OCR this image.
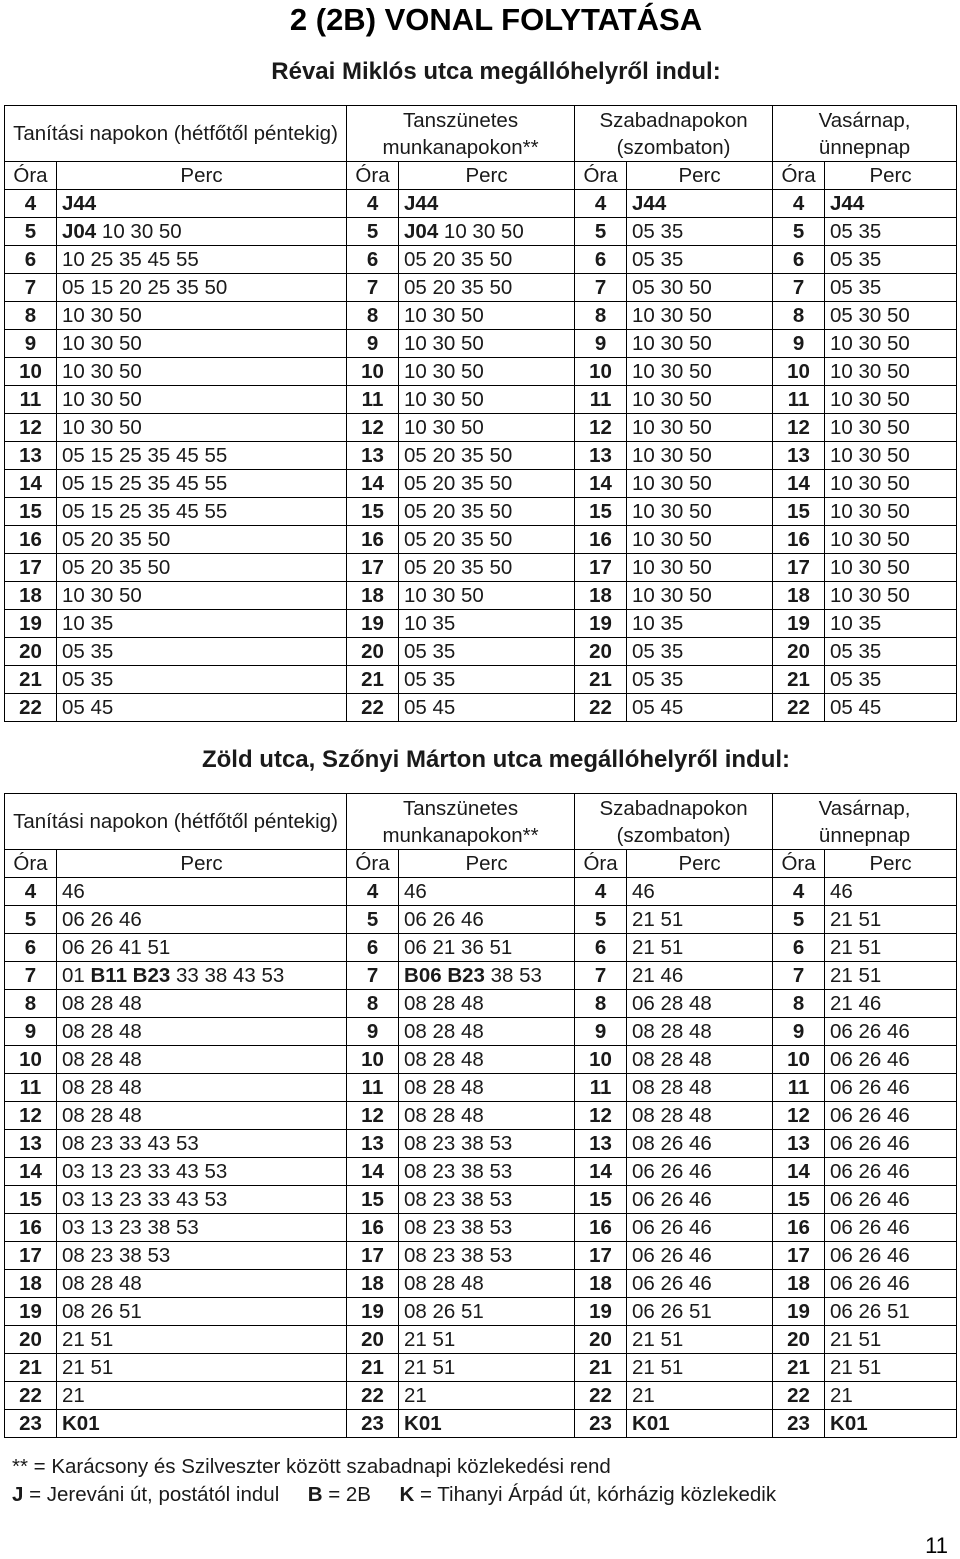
2 (2B) VONAL FOLYTATÁSA
Révai Miklós utca megállóhelyről indul:
Tanítási napokon (hétfőtől péntekig)		Tanszünetes munkanapokon**		Szabadnapokon (szombaton)		Vasárnap, ünnepnap	
Óra	Perc	Óra	Perc	Óra	Perc	Óra	Perc
4	J44	4	J44	4	J44	4	J44
5	J04 10 30 50	5	J04 10 30 50	5	05 35	5	05 35
6	10 25 35 45 55	6	05 20 35 50	6	05 35	6	05 35
7	05 15 20 25 35 50	7	05 20 35 50	7	05 30 50	7	05 35
8	10 30 50	8	10 30 50	8	10 30 50	8	05 30 50
9	10 30 50	9	10 30 50	9	10 30 50	9	10 30 50
10	10 30 50	10	10 30 50	10	10 30 50	10	10 30 50
11	10 30 50	11	10 30 50	11	10 30 50	11	10 30 50
12	10 30 50	12	10 30 50	12	10 30 50	12	10 30 50
13	05 15 25 35 45 55	13	05 20 35 50	13	10 30 50	13	10 30 50
14	05 15 25 35 45 55	14	05 20 35 50	14	10 30 50	14	10 30 50
15	05 15 25 35 45 55	15	05 20 35 50	15	10 30 50	15	10 30 50
16	05 20 35 50	16	05 20 35 50	16	10 30 50	16	10 30 50
17	05 20 35 50	17	05 20 35 50	17	10 30 50	17	10 30 50
18	10 30 50	18	10 30 50	18	10 30 50	18	10 30 50
19	10 35	19	10 35	19	10 35	19	10 35
20	05 35	20	05 35	20	05 35	20	05 35
21	05 35	21	05 35	21	05 35	21	05 35
22	05 45	22	05 45	22	05 45	22	05 45
Zöld utca, Szőnyi Márton utca megállóhelyről indul:
Tanítási napokon (hétfőtől péntekig)		Tanszünetes munkanapokon**		Szabadnapokon (szombaton)		Vasárnap, ünnepnap	
Óra	Perc	Óra	Perc	Óra	Perc	Óra	Perc
4	46	4	46	4	46	4	46
5	06 26 46	5	06 26 46	5	21 51	5	21 51
6	06 26 41 51	6	06 21 36 51	6	21 51	6	21 51
7	01 B11 B23 33 38 43 53	7	B06 B23 38 53	7	21 46	7	21 51
8	08 28 48	8	08 28 48	8	06 28 48	8	21 46
9	08 28 48	9	08 28 48	9	08 28 48	9	06 26 46
10	08 28 48	10	08 28 48	10	08 28 48	10	06 26 46
11	08 28 48	11	08 28 48	11	08 28 48	11	06 26 46
12	08 28 48	12	08 28 48	12	08 28 48	12	06 26 46
13	08 23 33 43 53	13	08 23 38 53	13	08 26 46	13	06 26 46
14	03 13 23 33 43 53	14	08 23 38 53	14	06 26 46	14	06 26 46
15	03 13 23 33 43 53	15	08 23 38 53	15	06 26 46	15	06 26 46
16	03 13 23 38 53	16	08 23 38 53	16	06 26 46	16	06 26 46
17	08 23 38 53	17	08 23 38 53	17	06 26 46	17	06 26 46
18	08 28 48	18	08 28 48	18	06 26 46	18	06 26 46
19	08 26 51	19	08 26 51	19	06 26 51	19	06 26 51
20	21 51	20	21 51	20	21 51	20	21 51
21	21 51	21	21 51	21	21 51	21	21 51
22	21	22	21	22	21	22	21
23	K01	23	K01	23	K01	23	K01
** = Karácsony és Szilveszter között szabadnapi közlekedési rend
J = Jereváni út, postától indul     B = 2B     K = Tihanyi Árpád út, kórházig közlekedik
11
